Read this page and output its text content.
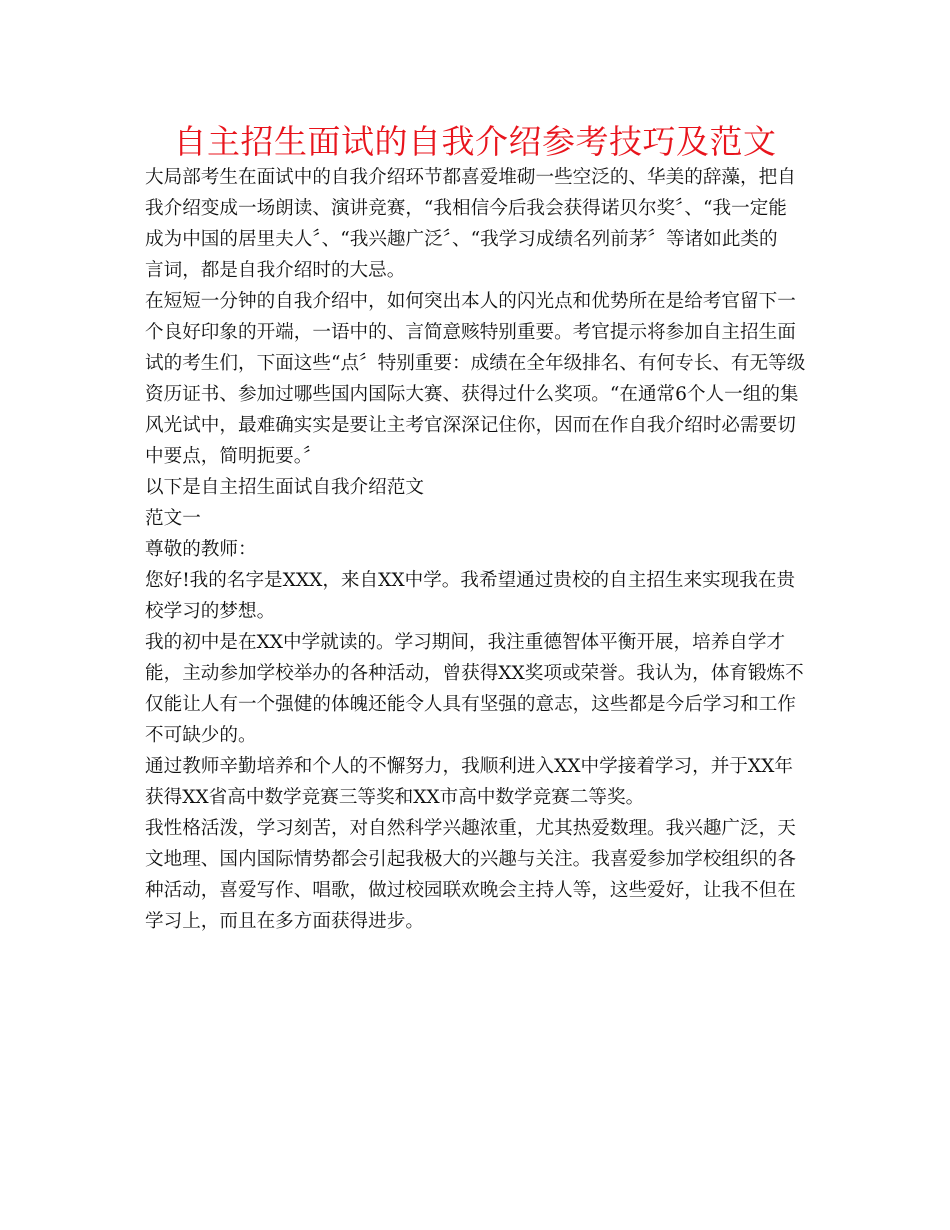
自主招生面试的自我介绍参考技巧及范文

大局部考生在面试中的自我介绍环节都喜爱堆砌一些空泛的、华美的辞藻，把自
我介绍变成一场朗读、演讲竞赛，“我相信今后我会获得诺贝尔奖〞、“我一定能
成为中国的居里夫人〞、“我兴趣广泛〞、“我学习成绩名列前茅〞等诸如此类的
言词，都是自我介绍时的大忌。

在短短一分钟的自我介绍中，如何突出本人的闪光点和优势所在是给考官留下一
个良好印象的开端，一语中的、言简意赅特别重要。考官提示将参加自主招生面
试的考生们，下面这些“点〞特别重要：成绩在全年级排名、有何专长、有无等级
资历证书、参加过哪些国内国际大赛、获得过什么奖项。“在通常6个人一组的集
风光试中，最难确实实是要让主考官深深记住你，因而在作自我介绍时必需要切
中要点，简明扼要。〞

以下是自主招生面试自我介绍范文

范文一

尊敬的教师：

您好!我的名字是XXX，来自XX中学。我希望通过贵校的自主招生来实现我在贵
校学习的梦想。

我的初中是在XX中学就读的。学习期间，我注重德智体平衡开展，培养自学才
能，主动参加学校举办的各种活动，曾获得XX奖项或荣誉。我认为，体育锻炼不
仅能让人有一个强健的体魄还能令人具有坚强的意志，这些都是今后学习和工作
不可缺少的。

通过教师辛勤培养和个人的不懈努力，我顺利进入XX中学接着学习，并于XX年
获得XX省高中数学竞赛三等奖和XX市高中数学竞赛二等奖。

我性格活泼，学习刻苦，对自然科学兴趣浓重，尤其热爱数理。我兴趣广泛，天
文地理、国内国际情势都会引起我极大的兴趣与关注。我喜爱参加学校组织的各
种活动，喜爱写作、唱歌，做过校园联欢晚会主持人等，这些爱好，让我不但在
学习上，而且在多方面获得进步。
